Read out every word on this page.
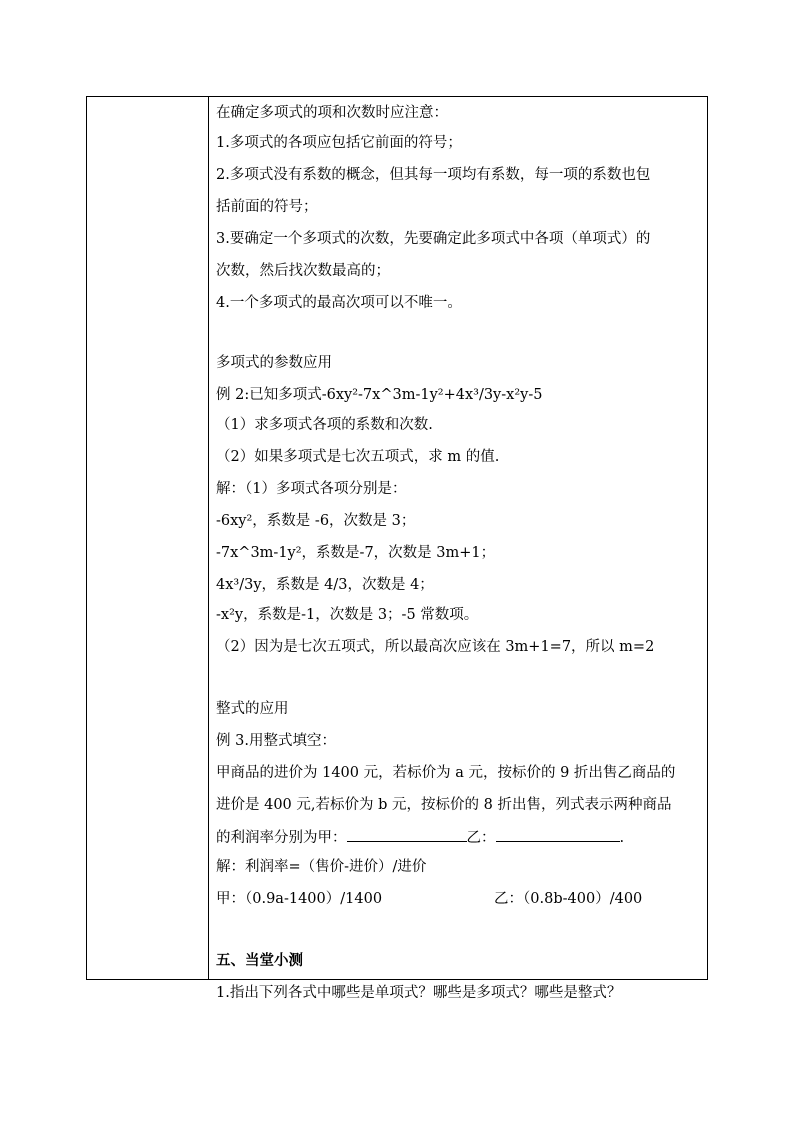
在确定多项式的项和次数时应注意：
1.多项式的各项应包括它前面的符号；
2.多项式没有系数的概念，但其每一项均有系数，每一项的系数也包
括前面的符号；
3.要确定一个多项式的次数，先要确定此多项式中各项（单项式）的
次数，然后找次数最高的；
4.一个多项式的最高次项可以不唯一。
多项式的参数应用
例 2:已知多项式-6xy²-7x^3m-1y²+4x³/3y-x²y-5
（1）求多项式各项的系数和次数.
（2）如果多项式是七次五项式，求 m 的值.
解：（1）多项式各项分别是：
-6xy²，系数是 -6，次数是 3；
-7x^3m-1y²，系数是-7，次数是 3m+1；
4x³/3y，系数是 4/3，次数是 4；
-x²y，系数是-1，次数是 3；-5 常数项。
（2）因为是七次五项式，所以最高次应该在 3m+1=7，所以 m=2
整式的应用
例 3.用整式填空：
甲商品的进价为 1400 元，若标价为 a 元，按标价的 9 折出售乙商品的
进价是 400 元,若标价为 b 元，按标价的 8 折出售，列式表示两种商品
的利润率分别为甲：	乙：	.
解：利润率=（售价-进价）/进价
甲：（0.9a-1400）/1400	乙：（0.8b-400）/400
五、当堂小测
1.指出下列各式中哪些是单项式？哪些是多项式？哪些是整式？
